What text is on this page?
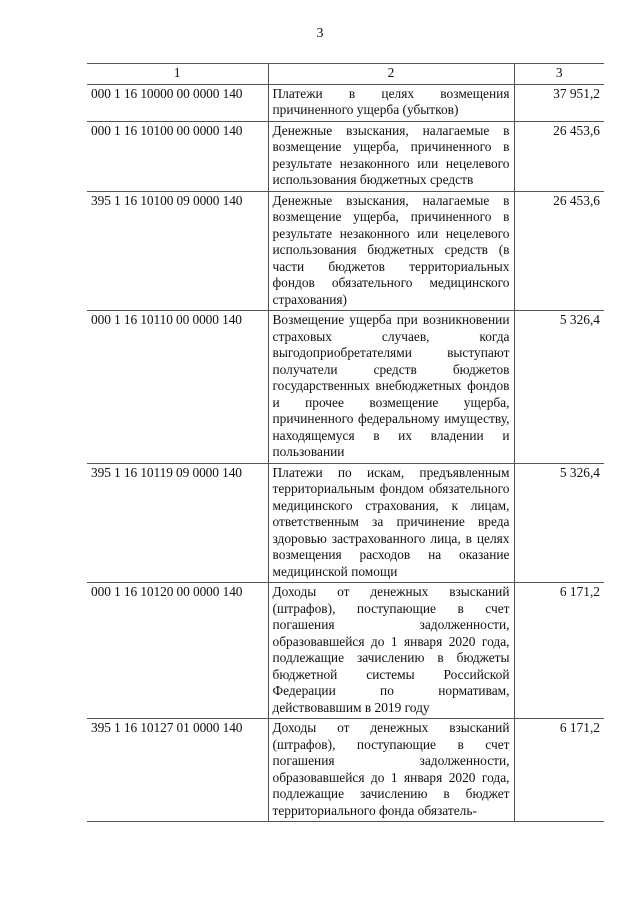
3
1	2	3
000 1 16 10000 00 0000 140	Платежи в целях возмещения причиненного ущерба (убытков)	37 951,2
000 1 16 10100 00 0000 140	Денежные взыскания, налагаемые в возмещение ущерба, причиненного в результате незаконного или нецелевого использования бюджетных средств	26 453,6
395 1 16 10100 09 0000 140	Денежные взыскания, налагаемые в возмещение ущерба, причиненного в результате незаконного или нецелевого использования бюджетных средств (в части бюджетов территориальных фондов обязательного медицинского страхования)	26 453,6
000 1 16 10110 00 0000 140	Возмещение ущерба при возникновении страховых случаев, когда выгодоприобретателями выступают получатели средств бюджетов государственных внебюджетных фондов и прочее возмещение ущерба, причиненного федеральному имуществу, находящемуся в их владении и пользовании	5 326,4
395 1 16 10119 09 0000 140	Платежи по искам, предъявленным территориальным фондом обязательного медицинского страхования, к лицам, ответственным за причинение вреда здоровью застрахованного лица, в целях возмещения расходов на оказание медицинской помощи	5 326,4
000 1 16 10120 00 0000 140	Доходы от денежных взысканий (штрафов), поступающие в счет погашения задолженности, образовавшейся до 1 января 2020 года, подлежащие зачислению в бюджеты бюджетной системы Российской Федерации по нормативам, действовавшим в 2019 году	6 171,2
395 1 16 10127 01 0000 140	Доходы от денежных взысканий (штрафов), поступающие в счет погашения задолженности, образовавшейся до 1 января 2020 года, подлежащие зачислению в бюджет территориального фонда обязатель-	6 171,2
